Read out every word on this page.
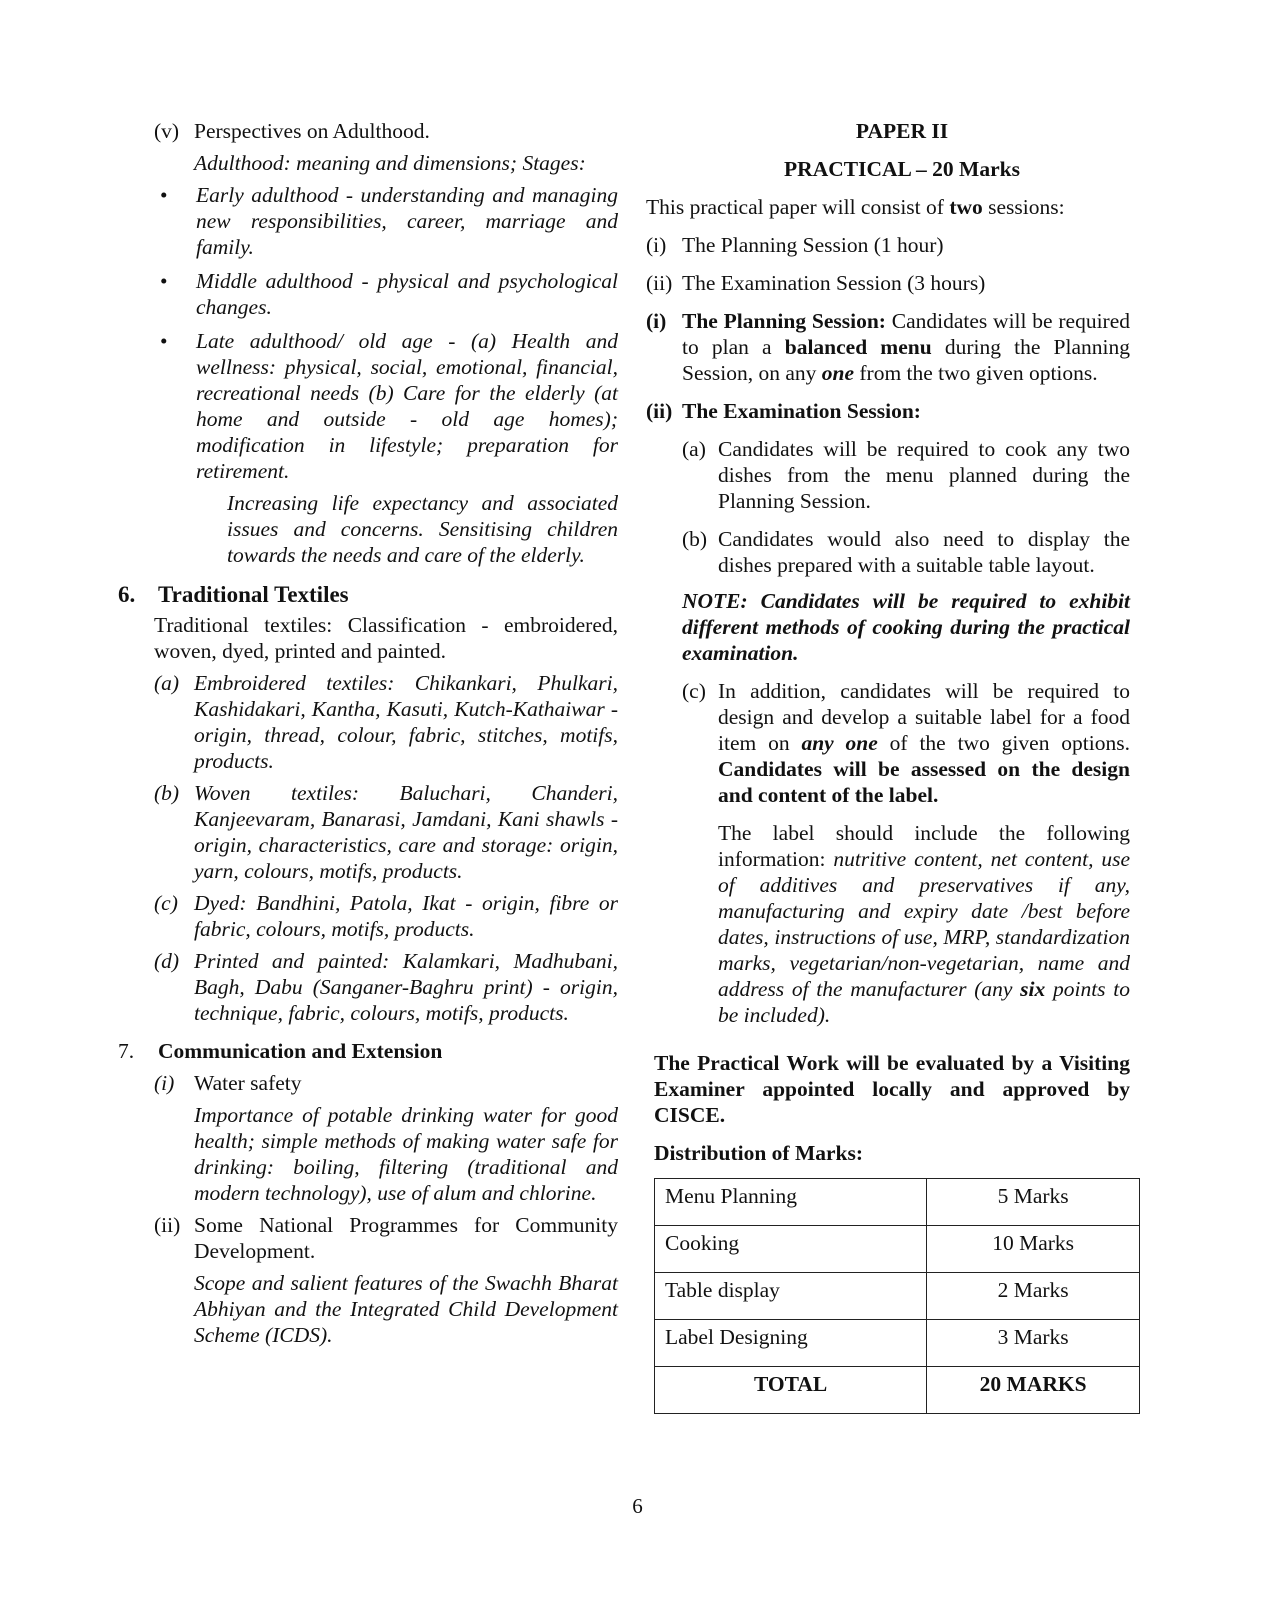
(v) Perspectives on Adulthood.
Adulthood: meaning and dimensions; Stages:
Early adulthood - understanding and managing new responsibilities, career, marriage and family.
Middle adulthood - physical and psychological changes.
Late adulthood/ old age - (a) Health and wellness: physical, social, emotional, financial, recreational needs (b) Care for the elderly (at home and outside - old age homes); modification in lifestyle; preparation for retirement.
Increasing life expectancy and associated issues and concerns. Sensitising children towards the needs and care of the elderly.
6. Traditional Textiles
Traditional textiles: Classification - embroidered, woven, dyed, printed and painted.
(a) Embroidered textiles: Chikankari, Phulkari, Kashidakari, Kantha, Kasuti, Kutch-Kathaiwar - origin, thread, colour, fabric, stitches, motifs, products.
(b) Woven textiles: Baluchari, Chanderi, Kanjeevaram, Banarasi, Jamdani, Kani shawls - origin, characteristics, care and storage: origin, yarn, colours, motifs, products.
(c) Dyed: Bandhini, Patola, Ikat - origin, fibre or fabric, colours, motifs, products.
(d) Printed and painted: Kalamkari, Madhubani, Bagh, Dabu (Sanganer-Baghru print) - origin, technique, fabric, colours, motifs, products.
7. Communication and Extension
(i) Water safety
Importance of potable drinking water for good health; simple methods of making water safe for drinking: boiling, filtering (traditional and modern technology), use of alum and chlorine.
(ii) Some National Programmes for Community Development.
Scope and salient features of the Swachh Bharat Abhiyan and the Integrated Child Development Scheme (ICDS).
PAPER II
PRACTICAL – 20 Marks
This practical paper will consist of two sessions:
(i) The Planning Session (1 hour)
(ii) The Examination Session (3 hours)
(i) The Planning Session: Candidates will be required to plan a balanced menu during the Planning Session, on any one from the two given options.
(ii) The Examination Session:
(a) Candidates will be required to cook any two dishes from the menu planned during the Planning Session.
(b) Candidates would also need to display the dishes prepared with a suitable table layout.
NOTE: Candidates will be required to exhibit different methods of cooking during the practical examination.
(c) In addition, candidates will be required to design and develop a suitable label for a food item on any one of the two given options. Candidates will be assessed on the design and content of the label.
The label should include the following information: nutritive content, net content, use of additives and preservatives if any, manufacturing and expiry date /best before dates, instructions of use, MRP, standardization marks, vegetarian/non-vegetarian, name and address of the manufacturer (any six points to be included).
The Practical Work will be evaluated by a Visiting Examiner appointed locally and approved by CISCE.
Distribution of Marks:
Menu Planning	5 Marks
Cooking	10 Marks
Table display	2 Marks
Label Designing	3 Marks
TOTAL	20 MARKS
6
